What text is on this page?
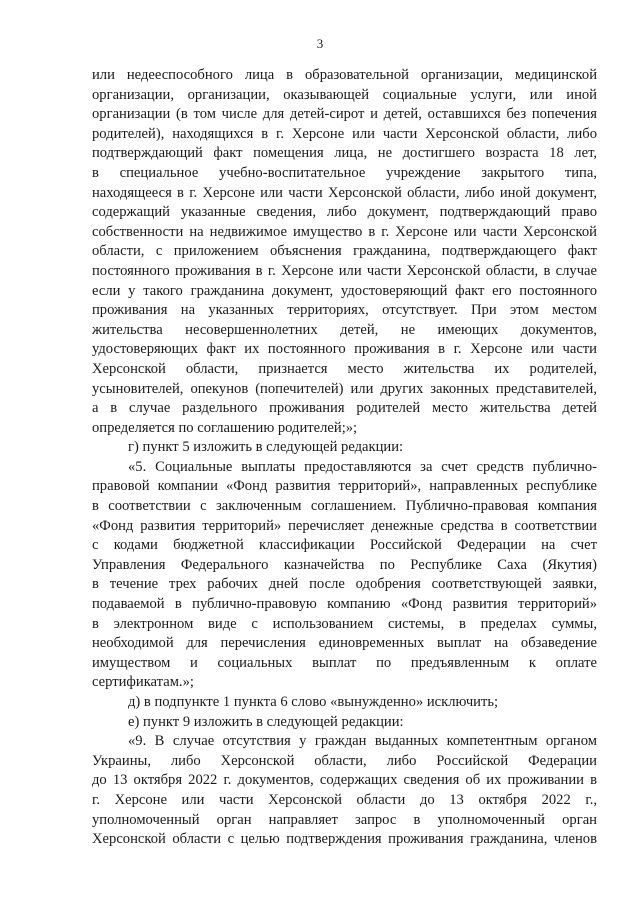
3
или недееспособного лица в образовательной организации, медицинской
организации, организации, оказывающей социальные услуги, или иной
организации (в том числе для детей-сирот и детей, оставшихся без попечения
родителей), находящихся в г. Херсоне или части Херсонской области, либо
подтверждающий факт помещения лица, не достигшего возраста 18 лет,
в специальное учебно-воспитательное учреждение закрытого типа,
находящееся в г. Херсоне или части Херсонской области, либо иной документ,
содержащий указанные сведения, либо документ, подтверждающий право
собственности на недвижимое имущество в г. Херсоне или части Херсонской
области, с приложением объяснения гражданина, подтверждающего факт
постоянного проживания в г. Херсоне или части Херсонской области, в случае
если у такого гражданина документ, удостоверяющий факт его постоянного
проживания на указанных территориях, отсутствует. При этом местом
жительства несовершеннолетних детей, не имеющих документов,
удостоверяющих факт их постоянного проживания в г. Херсоне или части
Херсонской области, признается место жительства их родителей,
усыновителей, опекунов (попечителей) или других законных представителей,
а в случае раздельного проживания родителей место жительства детей
определяется по соглашению родителей;»;
г) пункт 5 изложить в следующей редакции:
«5. Социальные выплаты предоставляются за счет средств публично-
правовой компании «Фонд развития территорий», направленных республике
в соответствии с заключенным соглашением. Публично-правовая компания
«Фонд развития территорий» перечисляет денежные средства в соответствии
с кодами бюджетной классификации Российской Федерации на счет
Управления Федерального казначейства по Республике Саха (Якутия)
в течение трех рабочих дней после одобрения соответствующей заявки,
подаваемой в публично-правовую компанию «Фонд развития территорий»
в электронном виде с использованием системы, в пределах суммы,
необходимой для перечисления единовременных выплат на обзаведение
имуществом и социальных выплат по предъявленным к оплате
сертификатам.»;
д) в подпункте 1 пункта 6 слово «вынужденно» исключить;
е) пункт 9 изложить в следующей редакции:
«9. В случае отсутствия у граждан выданных компетентным органом
Украины, либо Херсонской области, либо Российской Федерации
до 13 октября 2022 г. документов, содержащих сведения об их проживании в
г. Херсоне или части Херсонской области до 13 октября 2022 г.,
уполномоченный орган направляет запрос в уполномоченный орган
Херсонской области с целью подтверждения проживания гражданина, членов
